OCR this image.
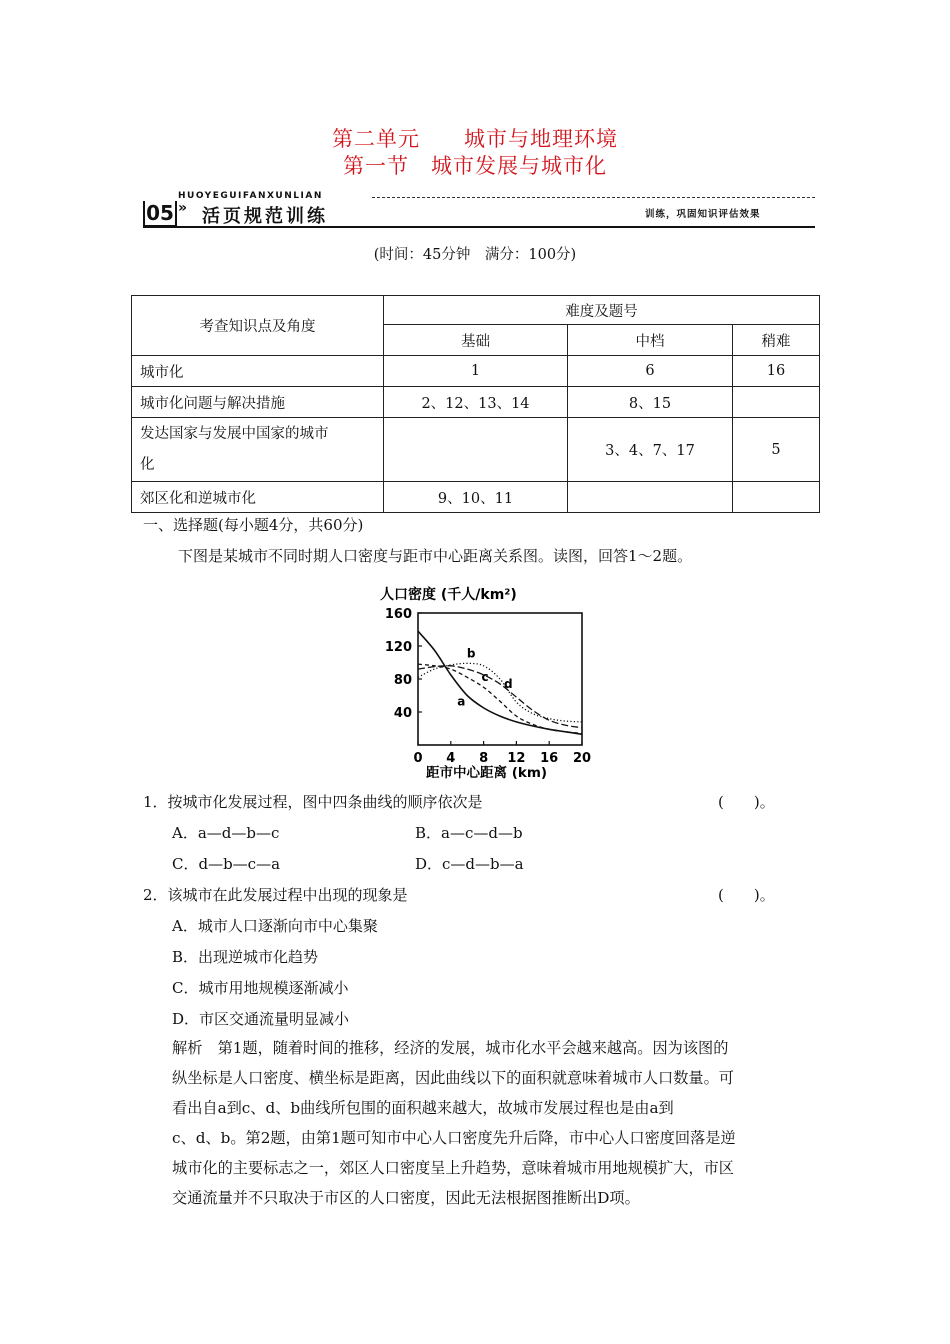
第二单元　　城市与地理环境
第一节　城市发展与城市化
HUOYEGUIFANXUNLIAN
05 » 活页规范训练	训练，巩固知识评估效果
(时间：45分钟　满分：100分)
考查知识点及角度	难度及题号		
	基础	中档	稍难
城市化	1	6	16
城市化问题与解决措施	2、12、13、14	8、15	
发达国家与发展中国家的城市
化		3、4、7、17	5
郊区化和逆城市化	9、10、11		
一、选择题(每小题4分，共60分)
下图是某城市不同时期人口密度与距市中心距离关系图。读图，回答1～2题。
人口密度 (千人/km²)
0 4 8 12 16 20
40
80
120
160
a
b
c
d
距市中心距离 (km)
1．按城市化发展过程，图中四条曲线的顺序依次是	(　　)。
A．a—d—b—c	B．a—c—d—b
C．d—b—c—a	D．c—d—b—a
2．该城市在此发展过程中出现的现象是	(　　)。
A．城市人口逐渐向市中心集聚
B．出现逆城市化趋势
C．城市用地规模逐渐减小
D．市区交通流量明显减小
解析　第1题，随着时间的推移，经济的发展，城市化水平会越来越高。因为该图的
纵坐标是人口密度、横坐标是距离，因此曲线以下的面积就意味着城市人口数量。可
看出自a到c、d、b曲线所包围的面积越来越大，故城市发展过程也是由a到
c、d、b。第2题，由第1题可知市中心人口密度先升后降，市中心人口密度回落是逆
城市化的主要标志之一，郊区人口密度呈上升趋势，意味着城市用地规模扩大，市区
交通流量并不只取决于市区的人口密度，因此无法根据图推断出D项。
